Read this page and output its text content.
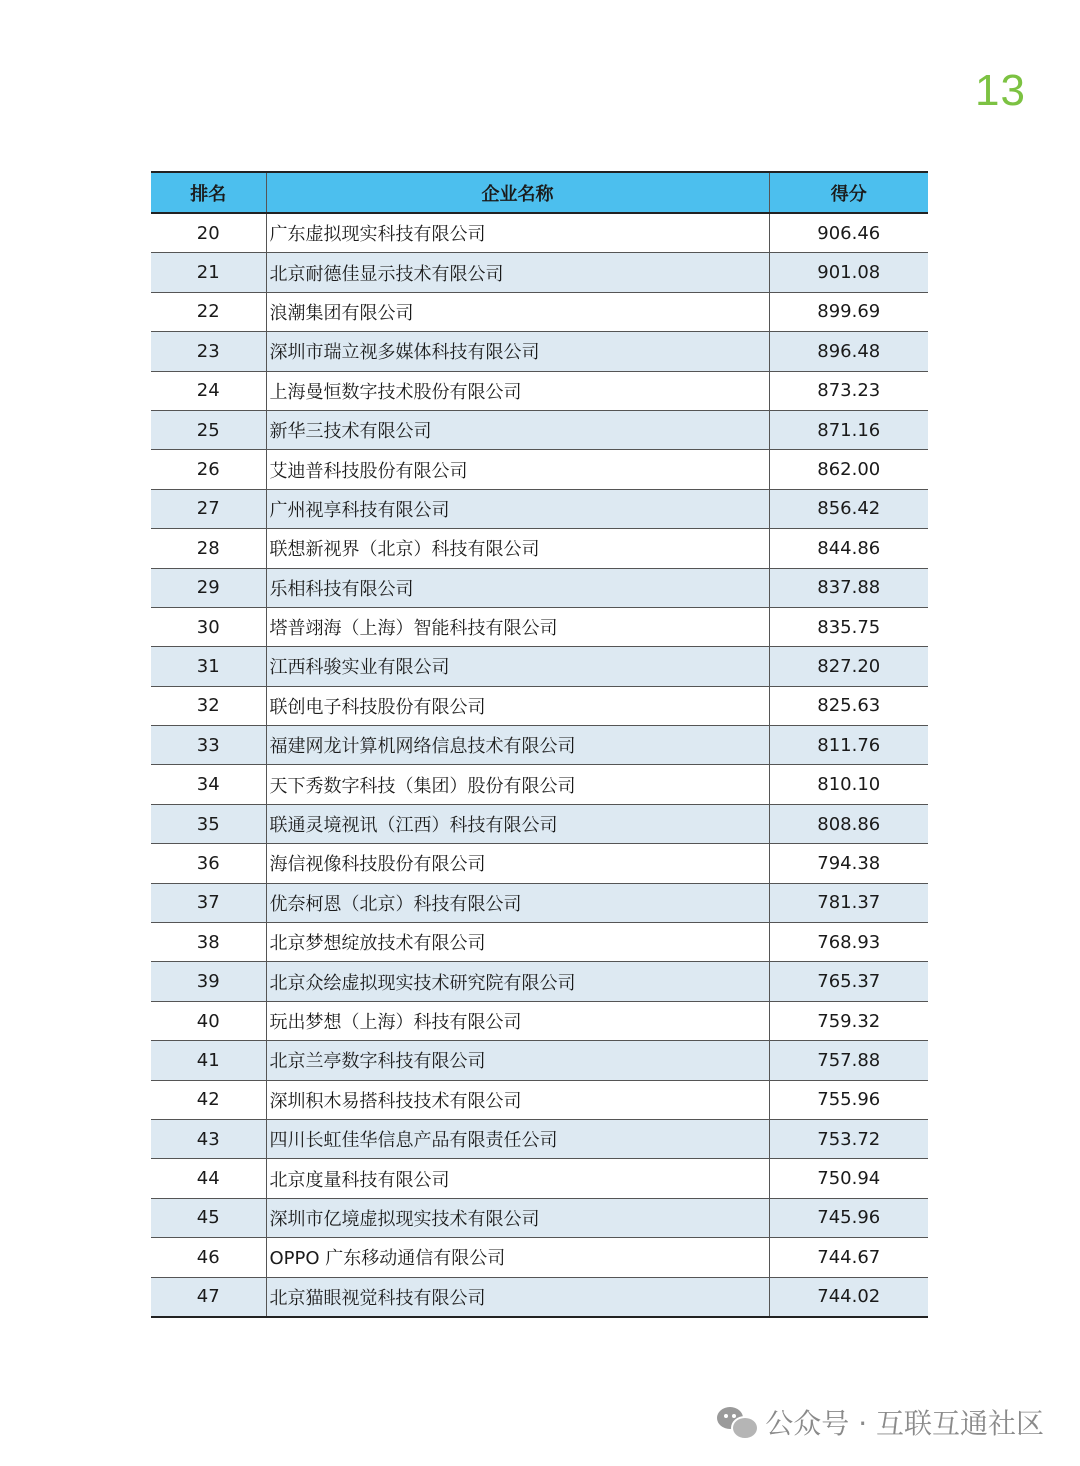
13
排名	企业名称	得分
20	广东虚拟现实科技有限公司	906.46
21	北京耐德佳显示技术有限公司	901.08
22	浪潮集团有限公司	899.69
23	深圳市瑞立视多媒体科技有限公司	896.48
24	上海曼恒数字技术股份有限公司	873.23
25	新华三技术有限公司	871.16
26	艾迪普科技股份有限公司	862.00
27	广州视享科技有限公司	856.42
28	联想新视界（北京）科技有限公司	844.86
29	乐相科技有限公司	837.88
30	塔普翊海（上海）智能科技有限公司	835.75
31	江西科骏实业有限公司	827.20
32	联创电子科技股份有限公司	825.63
33	福建网龙计算机网络信息技术有限公司	811.76
34	天下秀数字科技（集团）股份有限公司	810.10
35	联通灵境视讯（江西）科技有限公司	808.86
36	海信视像科技股份有限公司	794.38
37	优奈柯恩（北京）科技有限公司	781.37
38	北京梦想绽放技术有限公司	768.93
39	北京众绘虚拟现实技术研究院有限公司	765.37
40	玩出梦想（上海）科技有限公司	759.32
41	北京兰亭数字科技有限公司	757.88
42	深圳积木易搭科技技术有限公司	755.96
43	四川长虹佳华信息产品有限责任公司	753.72
44	北京度量科技有限公司	750.94
45	深圳市亿境虚拟现实技术有限公司	745.96
46	OPPO 广东移动通信有限公司	744.67
47	北京猫眼视觉科技有限公司	744.02
公众号 · 互联互通社区
